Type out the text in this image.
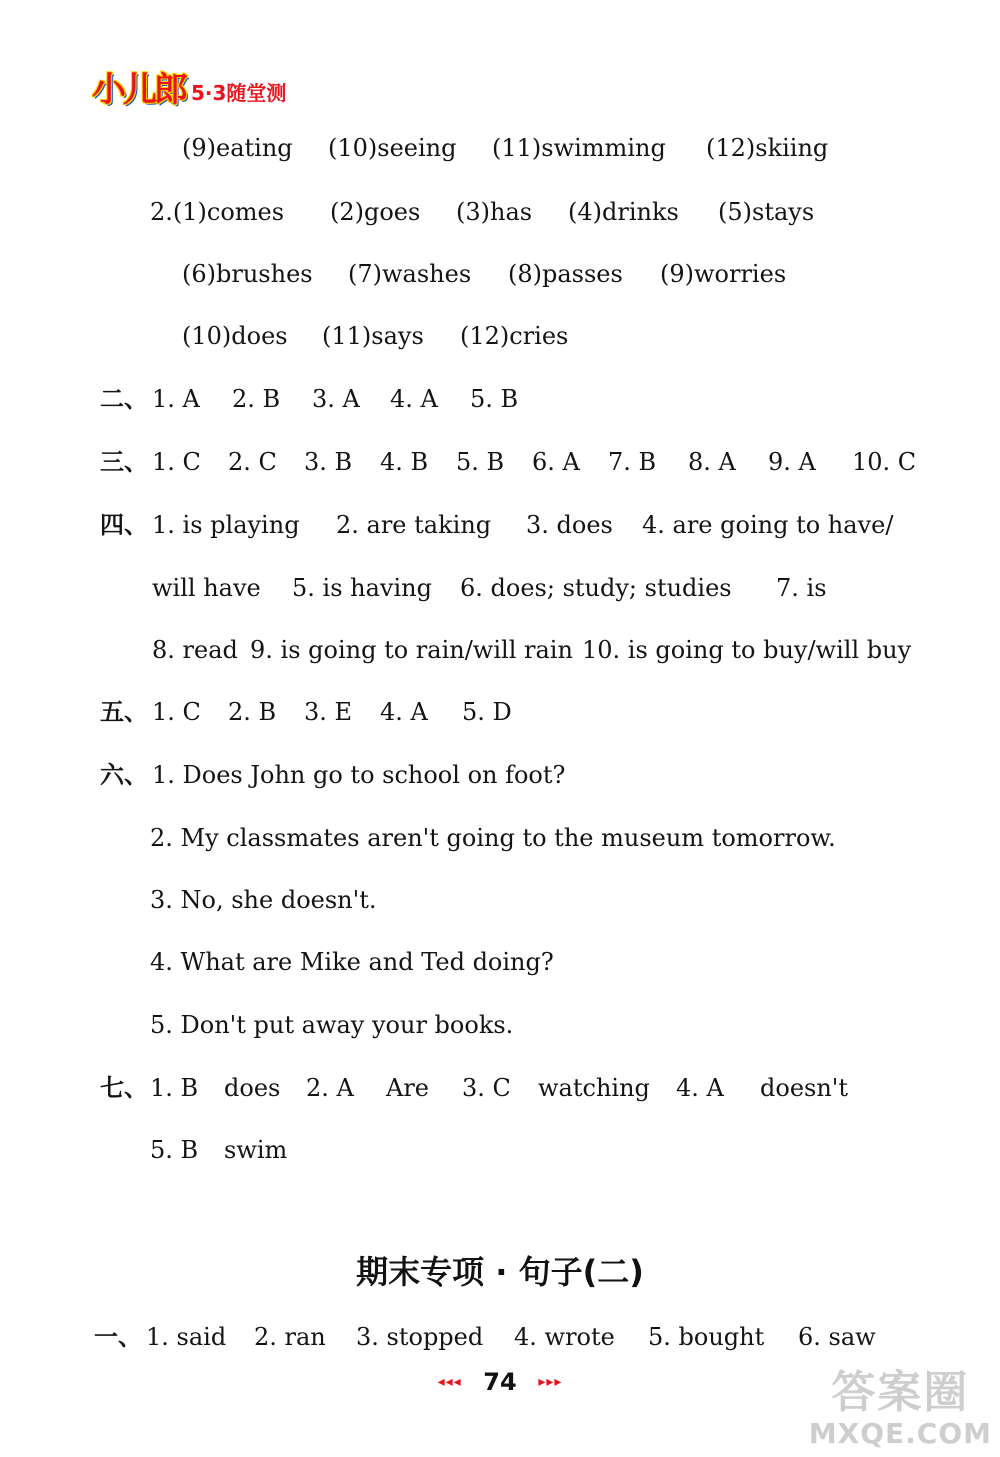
小儿郎 5·3随堂测
(9)eating (10)seeing (11)swimming (12)skiing
2.(1)comes (2)goes (3)has (4)drinks (5)stays
(6)brushes (7)washes (8)passes (9)worries
(10)does (11)says (12)cries
二、 1. A 2. B 3. A 4. A 5. B
三、 1. C 2. C 3. B 4. B 5. B 6. A 7. B 8. A 9. A 10. C
四、 1. is playing 2. are taking 3. does 4. are going to have/
will have 5. is having 6. does; study; studies 7. is
8. read 9. is going to rain/will rain 10. is going to buy/will buy
五、 1. C 2. B 3. E 4. A 5. D
六、 1. Does John go to school on foot?
2. My classmates aren't going to the museum tomorrow.
3. No, she doesn't.
4. What are Mike and Ted doing?
5. Don't put away your books.
七、1. B does 2. A Are 3. C watching 4. A doesn't
5. B swim
期末专项 · 句子(二)
一、 1. said 2. ran 3. stopped 4. wrote 5. bought 6. saw
◂◂◂ 74 ▸▸▸	答案圈
MXQE.COM
